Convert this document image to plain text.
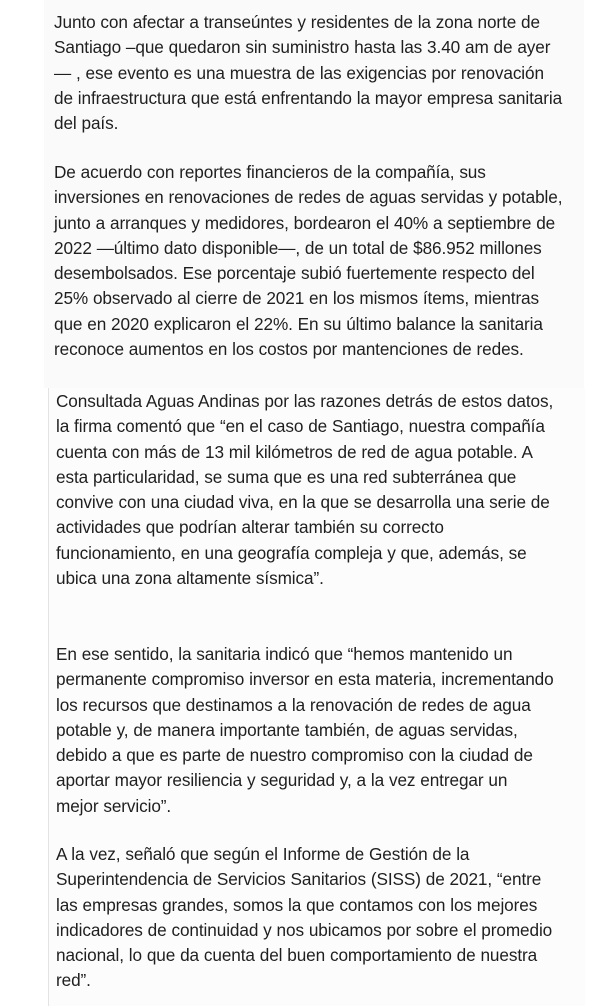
Junto con afectar a transeúntes y residentes de la zona norte de Santiago –que quedaron sin suministro hasta las 3.40 am de ayer— , ese evento es una muestra de las exigencias por renovación de infraestructura que está enfrentando la mayor empresa sanitaria del país.

De acuerdo con reportes financieros de la compañía, sus inversiones en renovaciones de redes de aguas servidas y potable, junto a arranques y medidores, bordearon el 40% a septiembre de 2022 —último dato disponible—, de un total de $86.952 millones desembolsados. Ese porcentaje subió fuertemente respecto del 25% observado al cierre de 2021 en los mismos ítems, mientras que en 2020 explicaron el 22%. En su último balance la sanitaria reconoce aumentos en los costos por mantenciones de redes.

Consultada Aguas Andinas por las razones detrás de estos datos, la firma comentó que “en el caso de Santiago, nuestra compañía cuenta con más de 13 mil kilómetros de red de agua potable. A esta particularidad, se suma que es una red subterránea que convive con una ciudad viva, en la que se desarrolla una serie de actividades que podrían alterar también su correcto funcionamiento, en una geografía compleja y que, además, se ubica una zona altamente sísmica”.

En ese sentido, la sanitaria indicó que “hemos mantenido un permanente compromiso inversor en esta materia, incrementando los recursos que destinamos a la renovación de redes de agua potable y, de manera importante también, de aguas servidas, debido a que es parte de nuestro compromiso con la ciudad de aportar mayor resiliencia y seguridad y, a la vez entregar un mejor servicio”.

A la vez, señaló que según el Informe de Gestión de la Superintendencia de Servicios Sanitarios (SISS) de 2021, “entre las empresas grandes, somos la que contamos con los mejores indicadores de continuidad y nos ubicamos por sobre el promedio nacional, lo que da cuenta del buen comportamiento de nuestra red”.
